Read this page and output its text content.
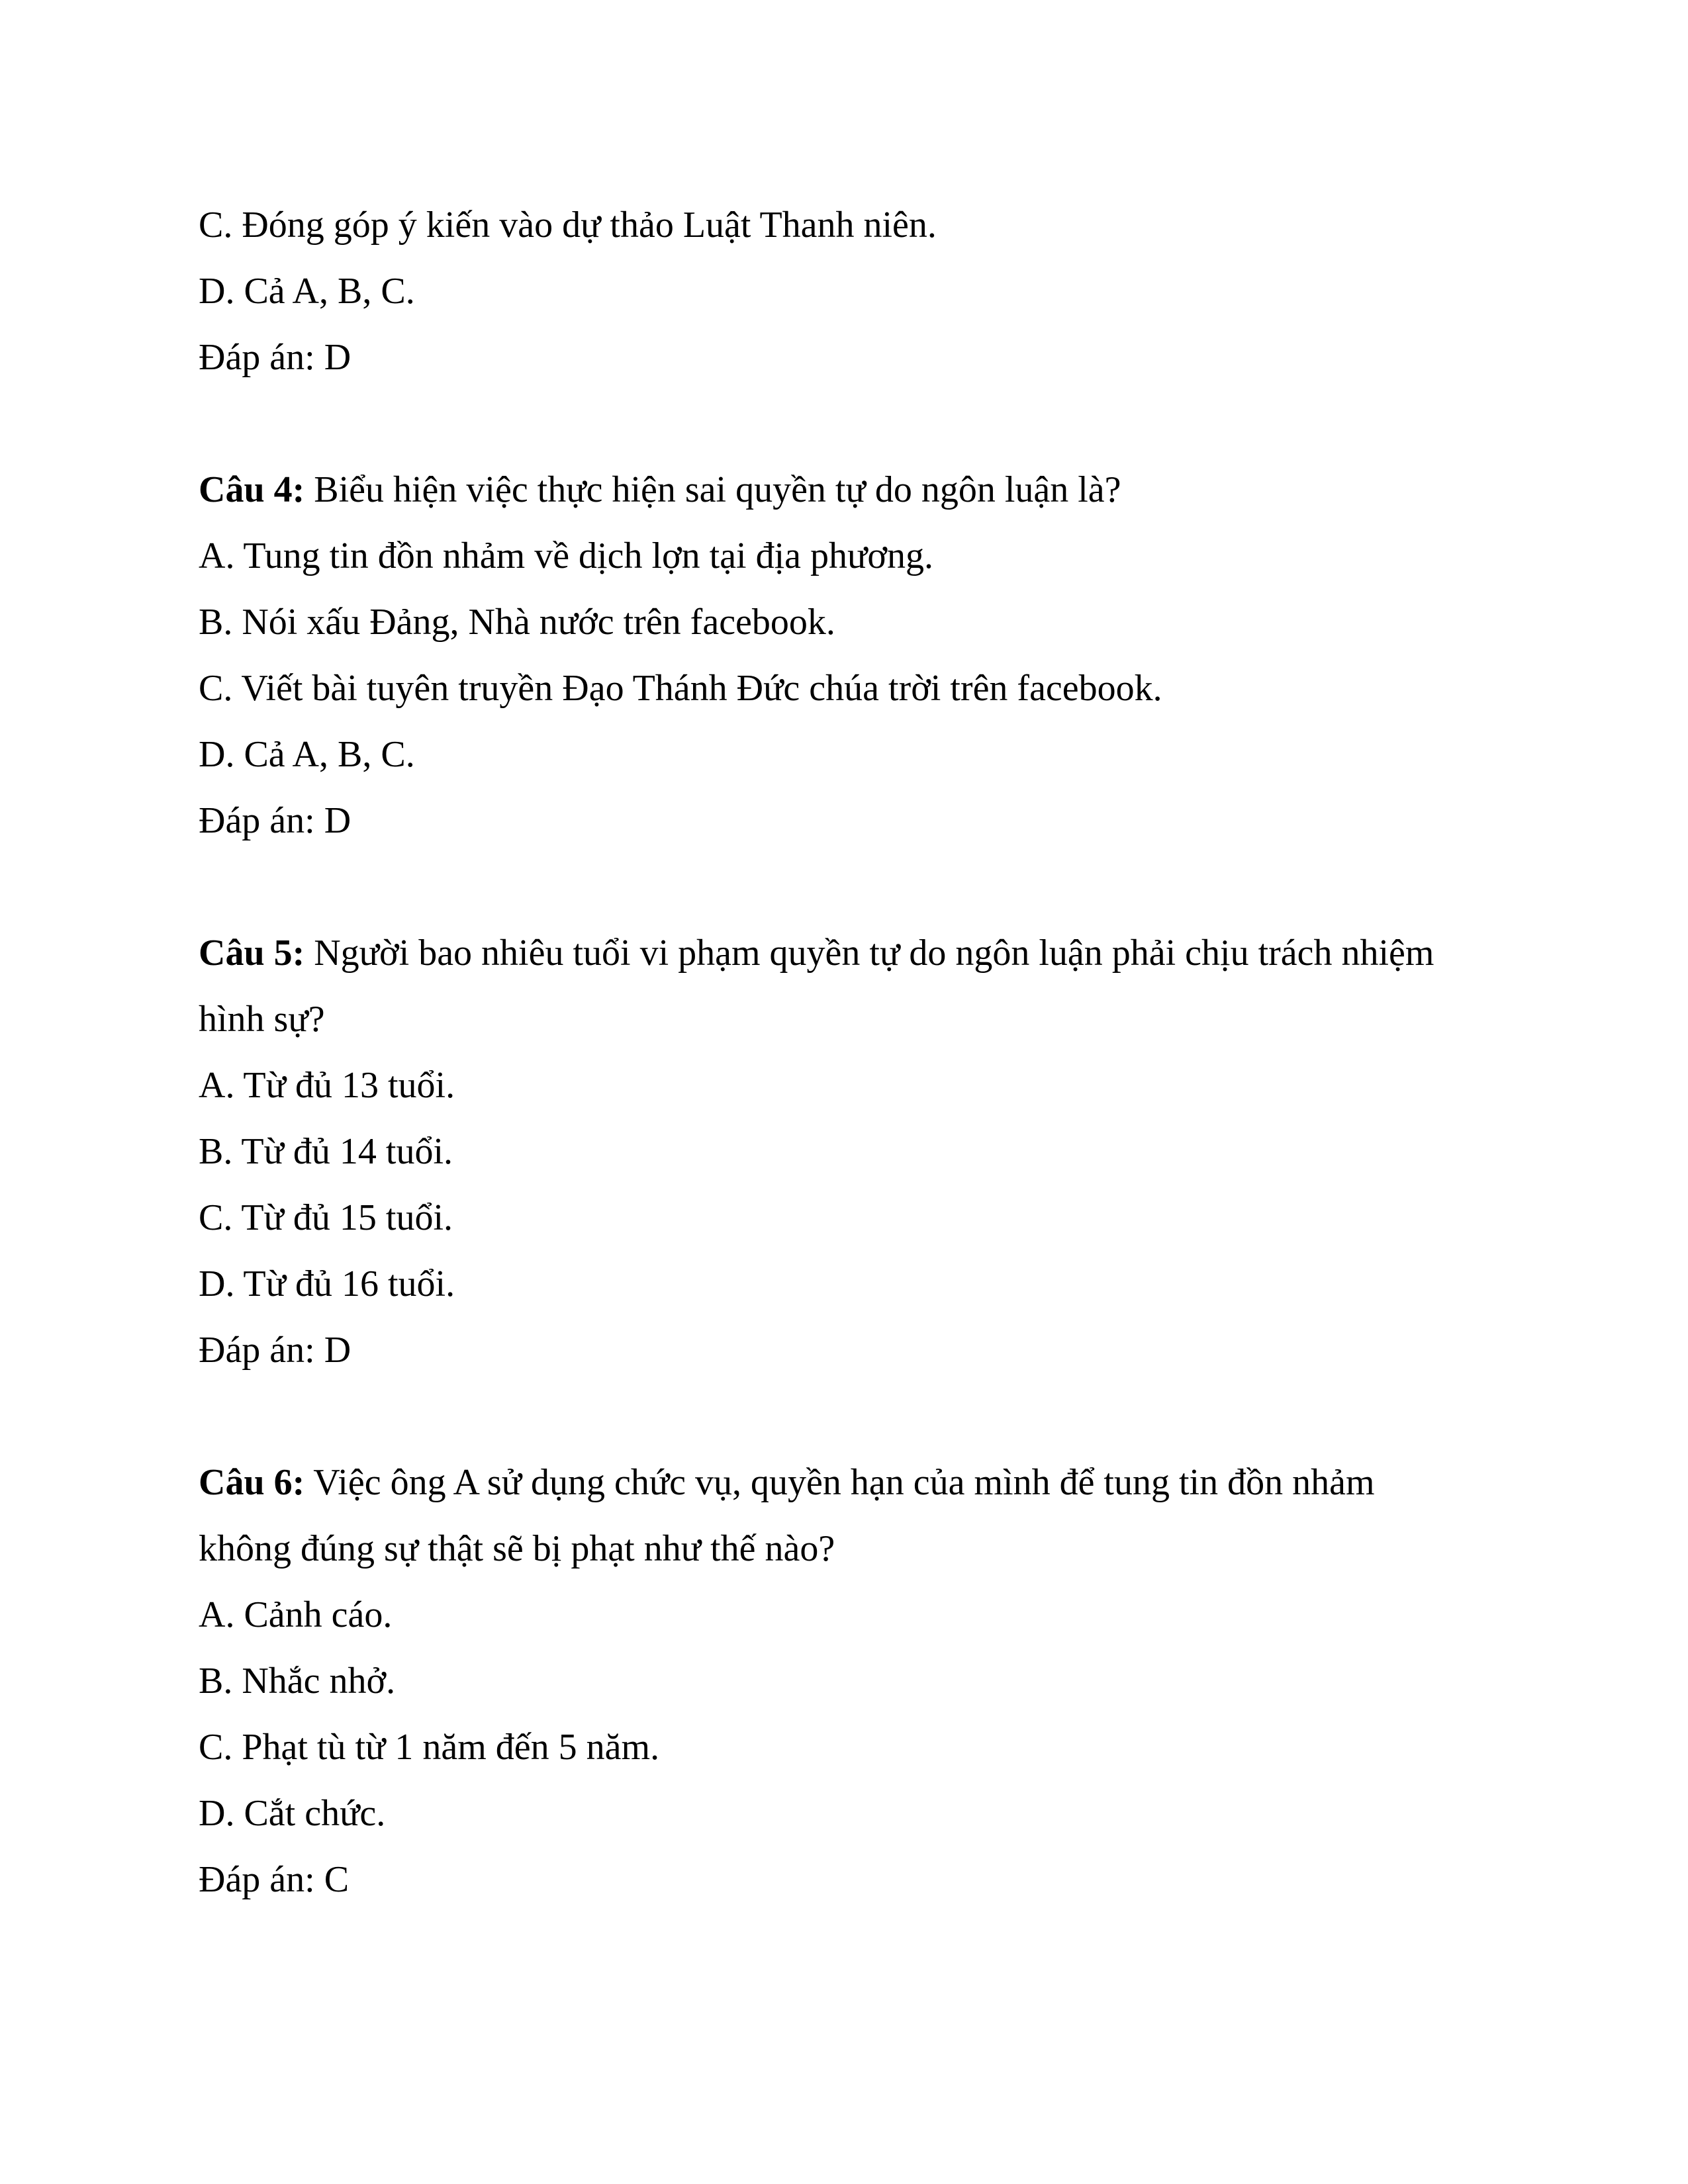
C. Đóng góp ý kiến vào dự thảo Luật Thanh niên.

D. Cả A, B, C.

Đáp án: D

Câu 4: Biểu hiện việc thực hiện sai quyền tự do ngôn luận là?

A. Tung tin đồn nhảm về dịch lợn tại địa phương.

B. Nói xấu Đảng, Nhà nước trên facebook.

C. Viết bài tuyên truyền Đạo Thánh Đức chúa trời trên facebook.

D. Cả A, B, C.

Đáp án: D

Câu 5: Người bao nhiêu tuổi vi phạm quyền tự do ngôn luận phải chịu trách nhiệm

hình sự?

A. Từ đủ 13 tuổi.

B. Từ đủ 14 tuổi.

C. Từ đủ 15 tuổi.

D. Từ đủ 16 tuổi.

Đáp án: D

Câu 6: Việc ông A sử dụng chức vụ, quyền hạn của mình để tung tin đồn nhảm

không đúng sự thật sẽ bị phạt như thế nào?

A. Cảnh cáo.

B. Nhắc nhở.

C. Phạt tù từ 1 năm đến 5 năm.

D. Cắt chức.

Đáp án: C
